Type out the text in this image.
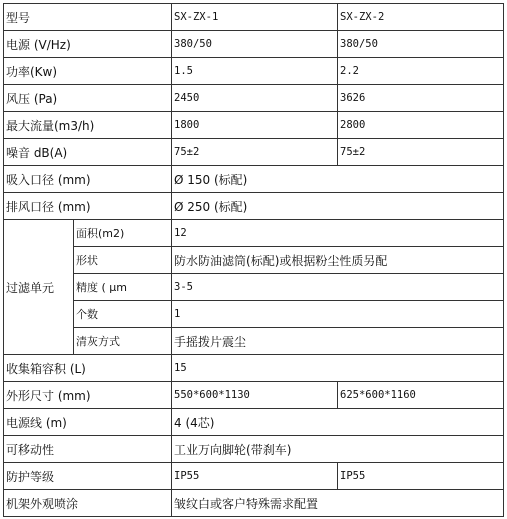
型号		SX-ZX-1	SX-ZX-2
电源 (V/Hz)		380/50	380/50
功率(Kw)		1.5	2.2
风压 (Pa)		2450	3626
最大流量(m3/h)		1800	2800
噪音 dB(A)		75±2	75±2
吸入口径 (mm)		Ø 150 (标配)	
排风口径 (mm)		Ø 250 (标配)	
过滤单元	面积(m2)	12	
	形状	防水防油滤筒(标配)或根据粉尘性质另配	
	精度 ( µm	3-5	
	个数	1	
	清灰方式	手摇拨片震尘	
收集箱容积 (L)		15	
外形尺寸 (mm)		550*600*1130	625*600*1160
电源线 (m)		4 (4芯)	
可移动性		工业万向脚轮(带刹车)	
防护等级		IP55	IP55
机架外观喷涂		皱纹白或客户特殊需求配置	
